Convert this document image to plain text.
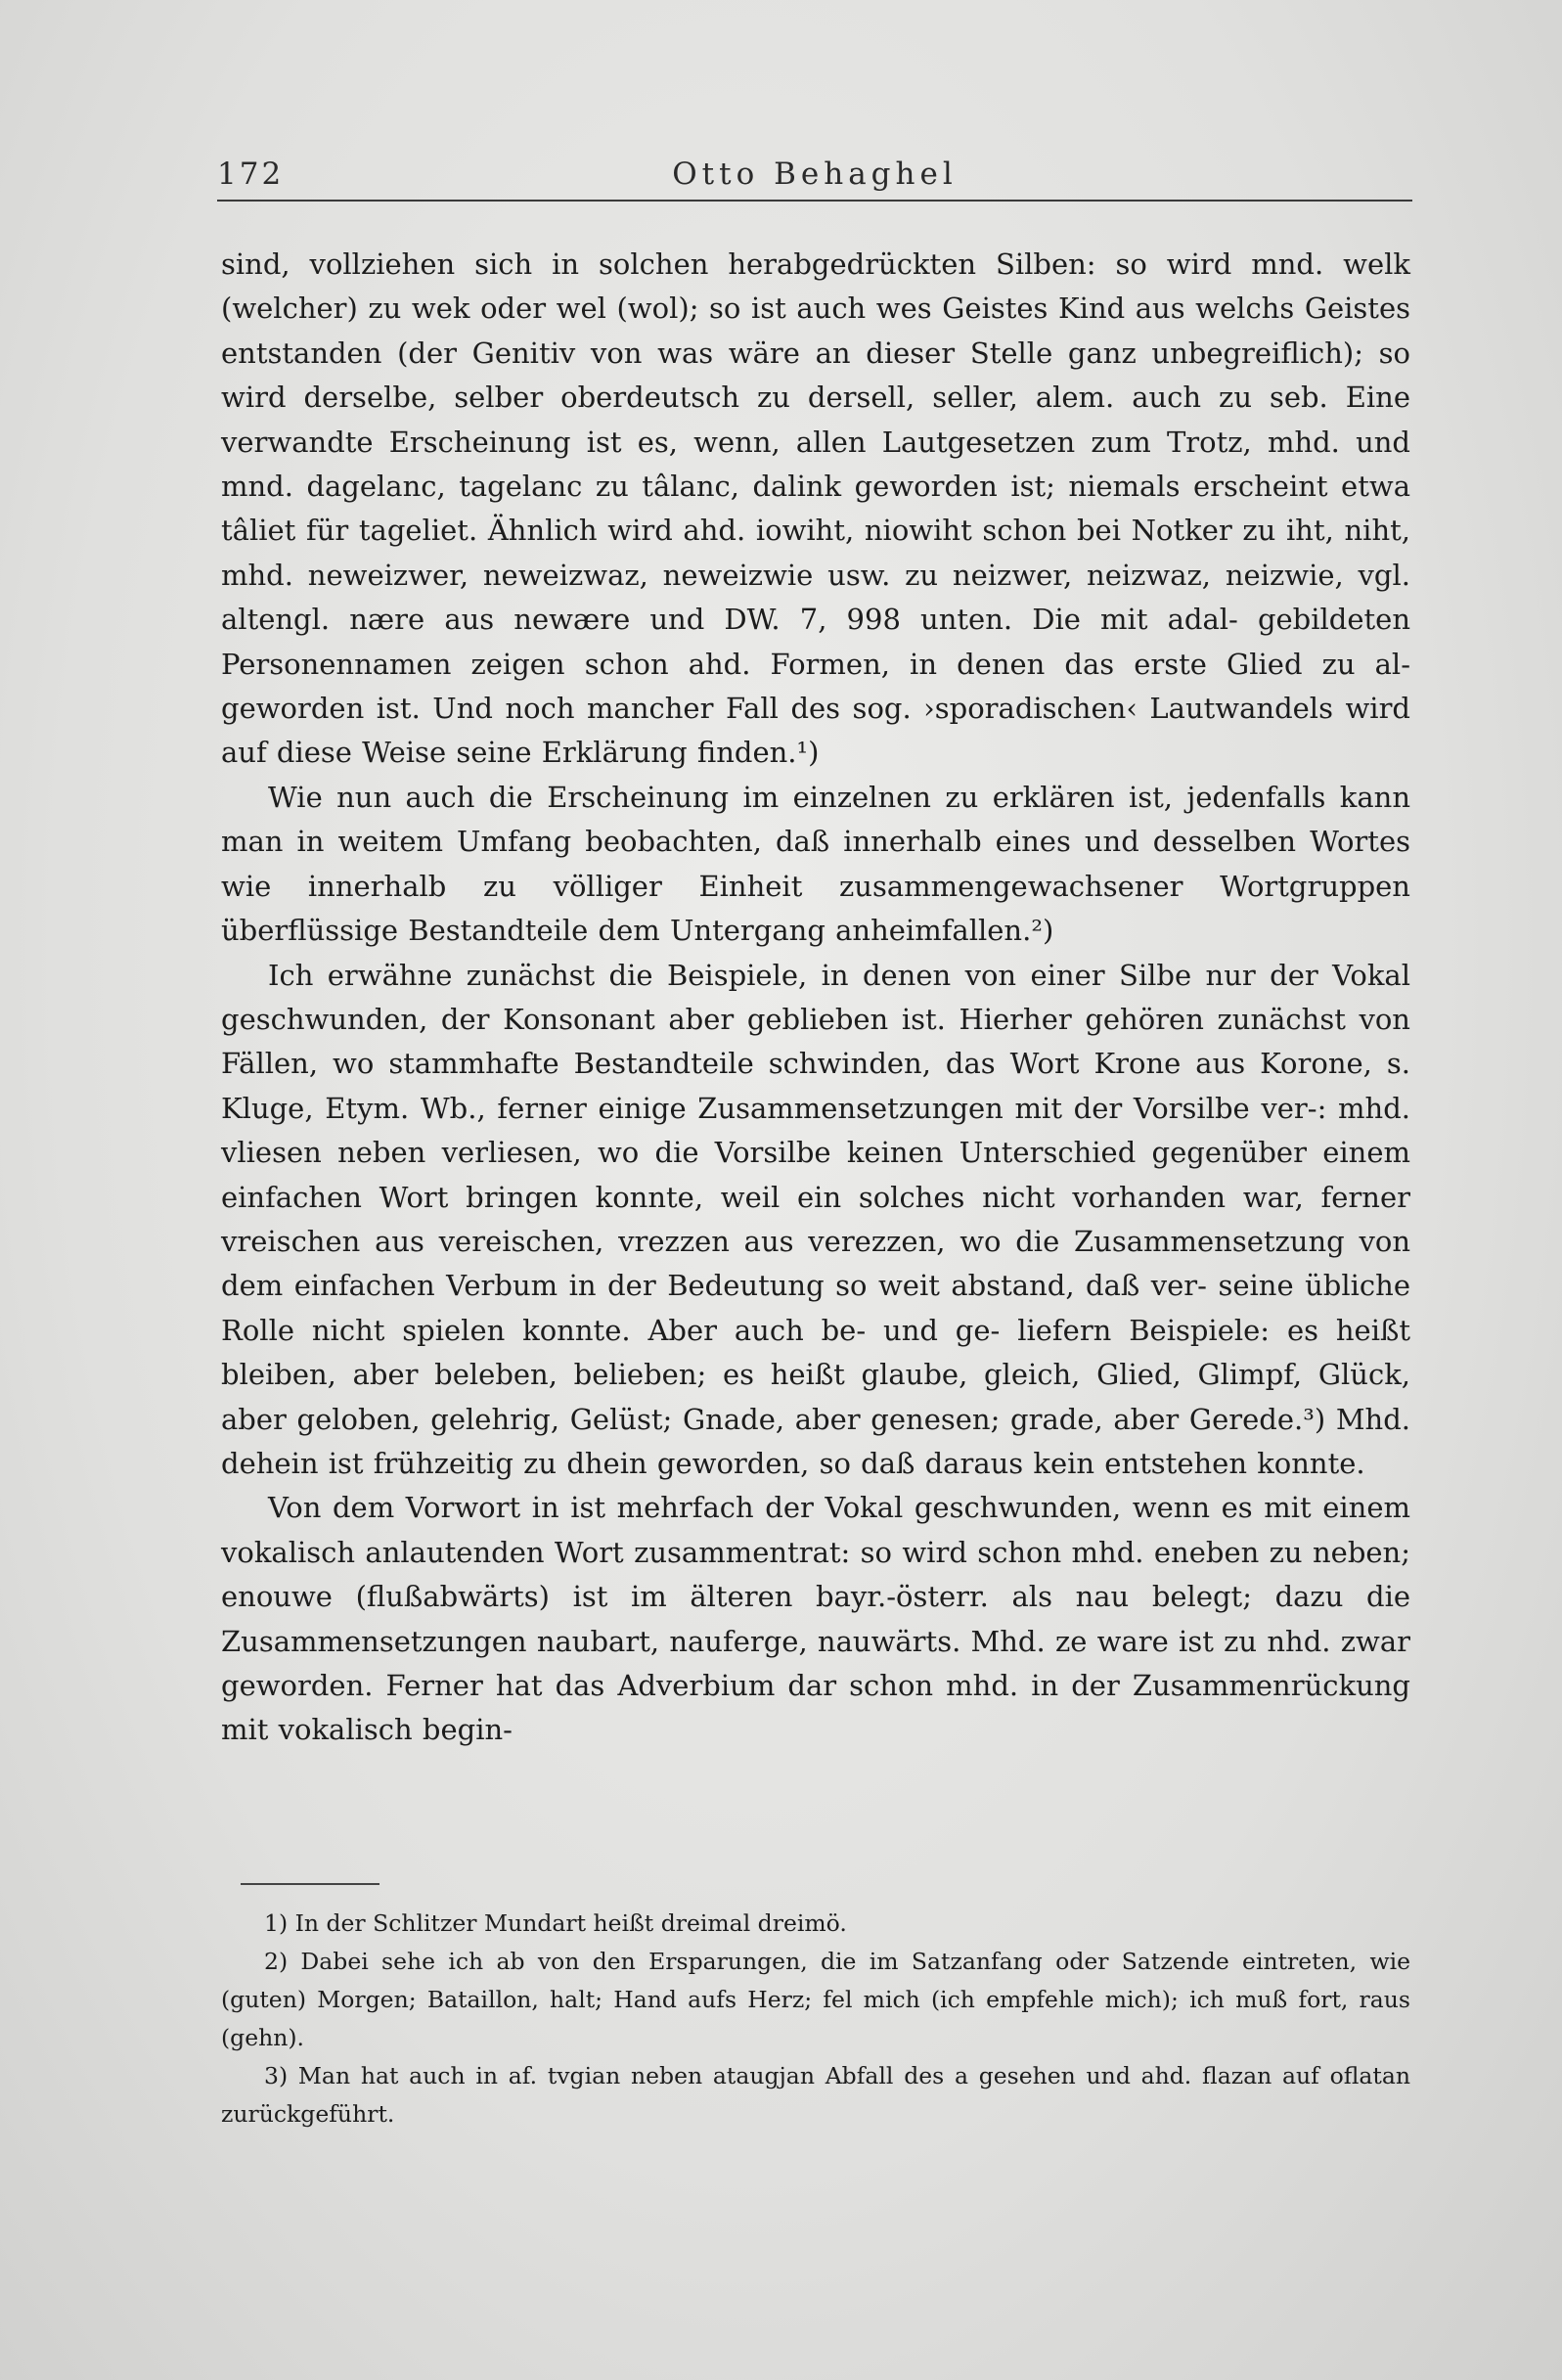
172	Otto Behaghel

sind, vollziehen sich in solchen herabgedrückten Silben: so wird mnd. welk (welcher) zu wek oder wel (wol); so ist auch wes Geistes Kind aus welchs Geistes entstanden (der Genitiv von was wäre an dieser Stelle ganz unbegreiflich); so wird derselbe, selber oberdeutsch zu dersell, seller, alem. auch zu seb. Eine verwandte Erscheinung ist es, wenn, allen Lautgesetzen zum Trotz, mhd. und mnd. dagelanc, tagelanc zu tâlanc, dalink geworden ist; niemals erscheint etwa tâliet für tageliet. Ähnlich wird ahd. iowiht, niowiht schon bei Notker zu iht, niht, mhd. neweizwer, neweizwaz, neweizwie usw. zu neizwer, neizwaz, neizwie, vgl. altengl. nære aus newære und DW. 7, 998 unten. Die mit adal- gebildeten Personennamen zeigen schon ahd. Formen, in denen das erste Glied zu al- geworden ist. Und noch mancher Fall des sog. ›sporadischen‹ Lautwandels wird auf diese Weise seine Erklärung finden.¹)

Wie nun auch die Erscheinung im einzelnen zu erklären ist, jedenfalls kann man in weitem Umfang beobachten, daß innerhalb eines und desselben Wortes wie innerhalb zu völliger Einheit zusammengewachsener Wortgruppen überflüssige Bestandteile dem Untergang anheimfallen.²)

Ich erwähne zunächst die Beispiele, in denen von einer Silbe nur der Vokal geschwunden, der Konsonant aber geblieben ist. Hierher gehören zunächst von Fällen, wo stammhafte Bestandteile schwinden, das Wort Krone aus Korone, s. Kluge, Etym. Wb., ferner einige Zusammensetzungen mit der Vorsilbe ver-: mhd. vliesen neben verliesen, wo die Vorsilbe keinen Unterschied gegenüber einem einfachen Wort bringen konnte, weil ein solches nicht vorhanden war, ferner vreischen aus vereischen, vrezzen aus verezzen, wo die Zusammensetzung von dem einfachen Verbum in der Bedeutung so weit abstand, daß ver- seine übliche Rolle nicht spielen konnte. Aber auch be- und ge- liefern Beispiele: es heißt bleiben, aber beleben, belieben; es heißt glaube, gleich, Glied, Glimpf, Glück, aber geloben, gelehrig, Gelüst; Gnade, aber genesen; grade, aber Gerede.³) Mhd. dehein ist frühzeitig zu dhein geworden, so daß daraus kein entstehen konnte.

Von dem Vorwort in ist mehrfach der Vokal geschwunden, wenn es mit einem vokalisch anlautenden Wort zusammentrat: so wird schon mhd. eneben zu neben; enouwe (flußabwärts) ist im älteren bayr.-österr. als nau belegt; dazu die Zusammensetzungen naubart, nauferge, nauwärts. Mhd. ze ware ist zu nhd. zwar geworden. Ferner hat das Adverbium dar schon mhd. in der Zusammenrückung mit vokalisch begin-

1) In der Schlitzer Mundart heißt dreimal dreimö.

2) Dabei sehe ich ab von den Ersparungen, die im Satzanfang oder Satzende eintreten, wie (guten) Morgen; Bataillon, halt; Hand aufs Herz; fel mich (ich empfehle mich); ich muß fort, raus (gehn).

3) Man hat auch in af. tvgian neben ataugjan Abfall des a gesehen und ahd. flazan auf oflatan zurückgeführt.
